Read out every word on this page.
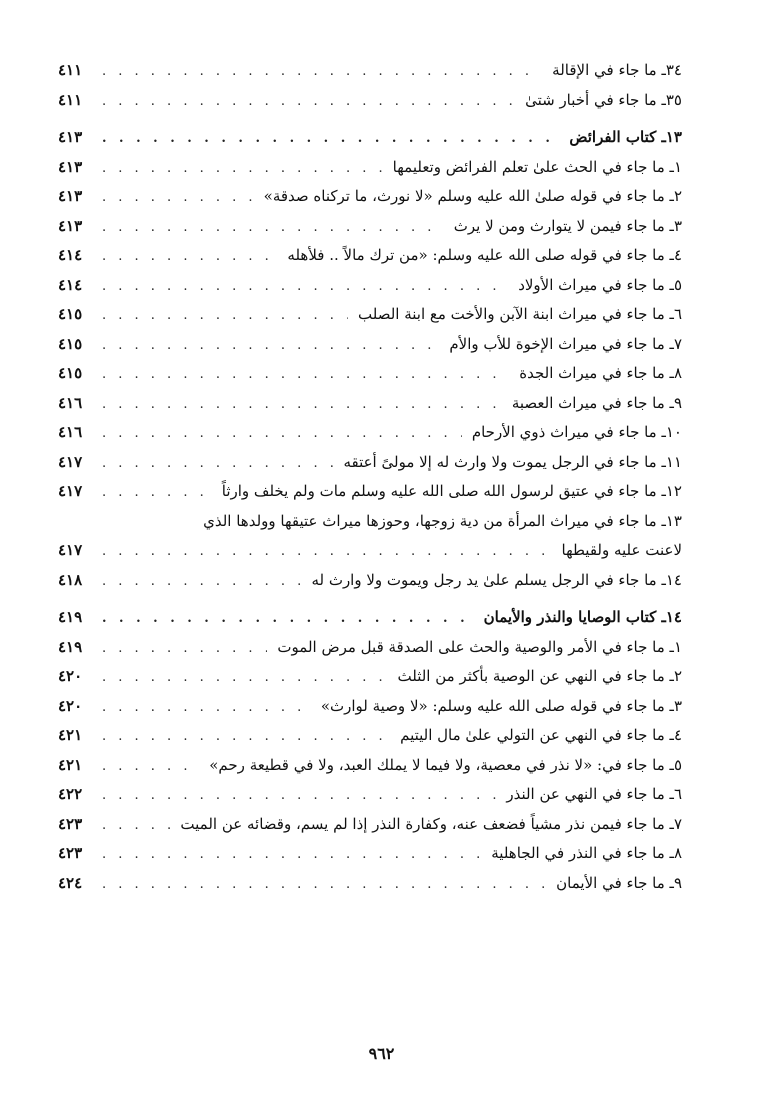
٣٤ـ ما جاء في الإقالة
. . .
٤١١
٣٥ـ ما جاء في أخبار شتىٰ
. . .
٤١١
١٣ـ كتاب الفرائض
. . .
٤١٣
١ـ ما جاء في الحث علىٰ تعلم الفرائض وتعليمها
. . .
٤١٣
٢ـ ما جاء في قوله صلىٰ الله عليه وسلم «لا نورث، ما تركناه صدقة»
. . .
٤١٣
٣ـ ما جاء فيمن لا يتوارث ومن لا يرث
. . .
٤١٣
٤ـ ما جاء في قوله صلى الله عليه وسلم: «من ترك مالاً .. فلأهله
. . .
٤١٤
٥ـ ما جاء في ميراث الأولاد
. . .
٤١٤
٦ـ ما جاء في ميراث ابنة الآبن والأخت مع ابنة الصلب
. . .
٤١٥
٧ـ ما جاء في ميراث الإخوة للأب والأم
. . .
٤١٥
٨ـ ما جاء في ميراث الجدة
. . .
٤١٥
٩ـ ما جاء في ميراث العصبة
. . .
٤١٦
١٠ـ ما جاء في ميراث ذوي الأرحام
. . .
٤١٦
١١ـ ما جاء في الرجل يموت ولا وارث له إلا مولىً أعتقه
. . .
٤١٧
١٢ـ ما جاء في عتيق لرسول الله صلى الله عليه وسلم مات ولم يخلف وارثاً
. . .
٤١٧
١٣ـ ما جاء في ميراث المرأة من دية زوجها، وحوزها ميراث عتيقها وولدها الذي
لاعنت عليه ولقيطها
. . .
٤١٧
١٤ـ ما جاء في الرجل يسلم علىٰ يد رجل ويموت ولا وارث له
. . .
٤١٨
١٤ـ كتاب الوصايا والنذر والأيمان
. . .
٤١٩
١ـ ما جاء في الأمر والوصية والحث على الصدقة قبل مرض الموت
. . .
٤١٩
٢ـ ما جاء في النهي عن الوصية بأكثر من الثلث
. . .
٤٢٠
٣ـ ما جاء في قوله صلى الله عليه وسلم: «لا وصية لوارث»
. . .
٤٢٠
٤ـ ما جاء في النهي عن التولي علىٰ مال اليتيم
. . .
٤٢١
٥ـ ما جاء في: «لا نذر في معصية، ولا فيما لا يملك العبد، ولا في قطيعة رحم»
. . .
٤٢١
٦ـ ما جاء في النهي عن النذر
. . .
٤٢٢
٧ـ ما جاء فيمن نذر مشياً فضعف عنه، وكفارة النذر إذا لم يسم، وقضائه عن الميت
. . .
٤٢٣
٨ـ ما جاء في النذر في الجاهلية
. . .
٤٢٣
٩ـ ما جاء في الأيمان
. . .
٤٢٤
٩٦٢
